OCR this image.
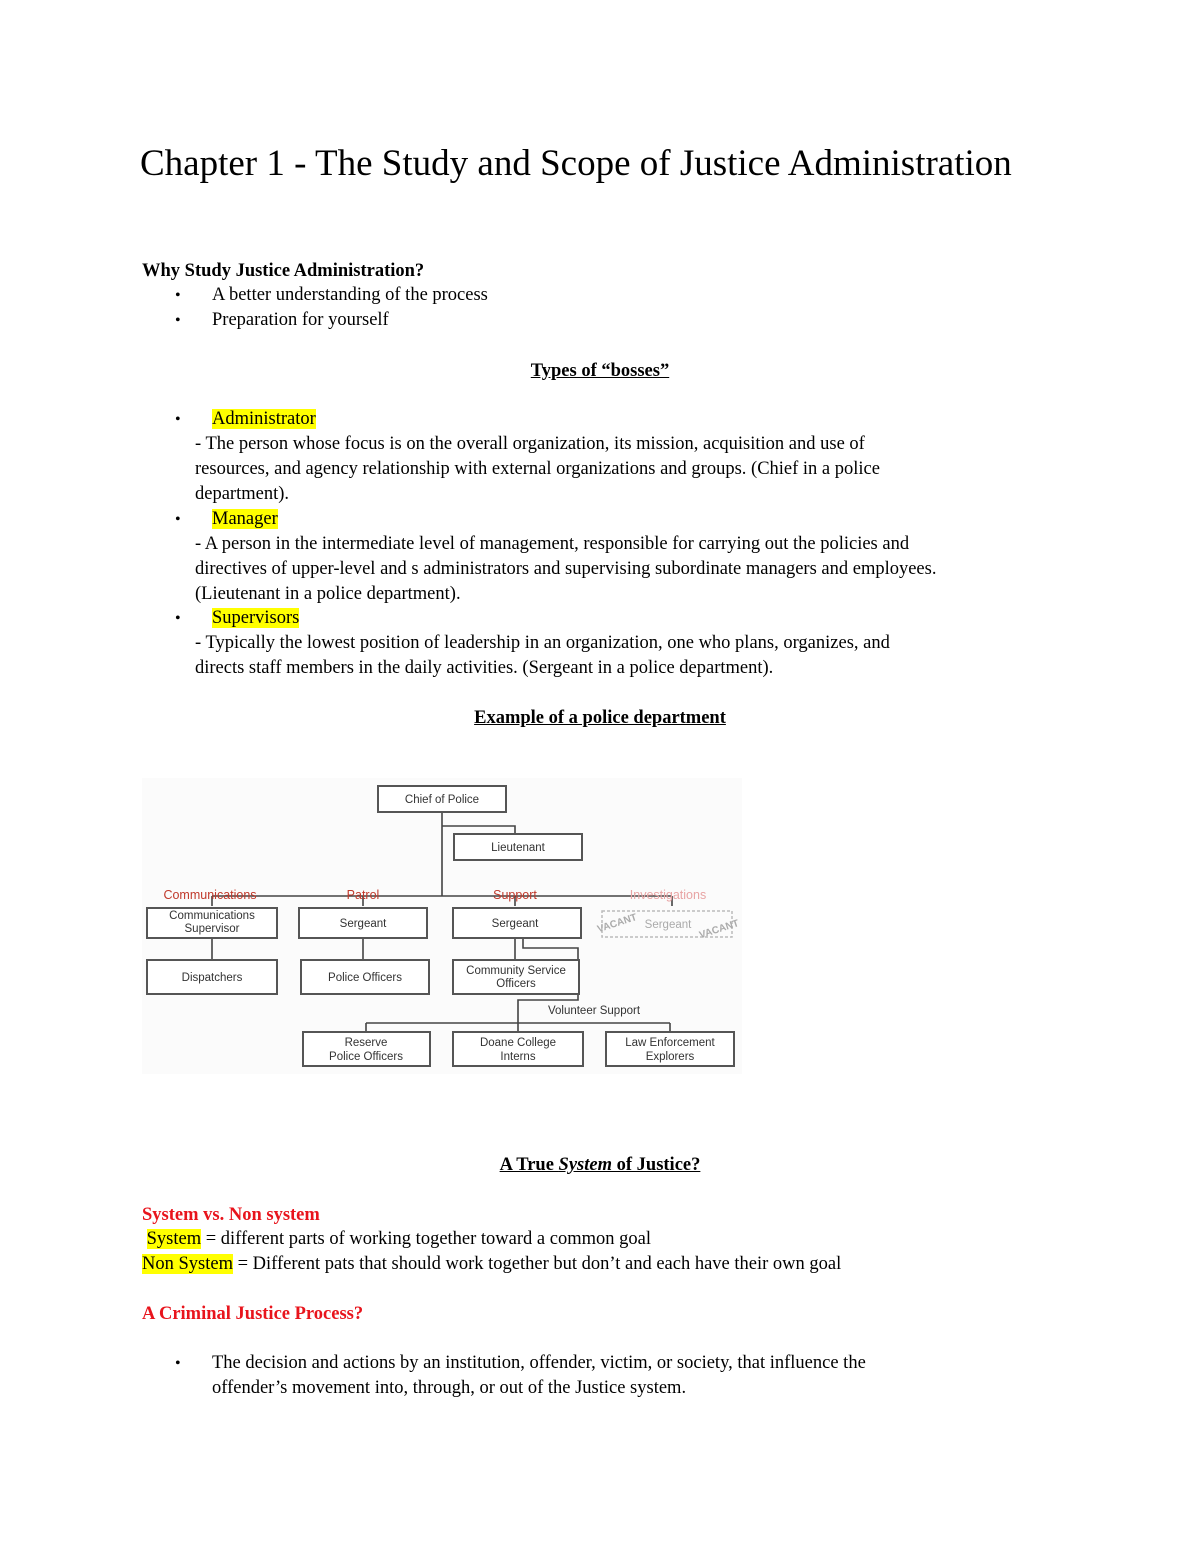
Chapter 1 - The Study and Scope of Justice Administration
Why Study Justice Administration?
•
A better understanding of the process
•
Preparation for yourself
Types of “bosses”
•
Administrator
- The person whose focus is on the overall organization, its mission, acquisition and use of
resources, and agency relationship with external organizations and groups. (Chief in a police
department).
•
Manager
- A person in the intermediate level of management, responsible for carrying out the policies and
directives of upper-level and s administrators and supervising subordinate managers and employees.
(Lieutenant in a police department).
•
Supervisors
- Typically the lowest position of leadership in an organization, one who plans, organizes, and
directs staff members in the daily activities. (Sergeant in a police department).
Example of a police department
Chief of Police
Lieutenant
Communications	Patrol	Support	Investigations
Communications
Supervisor	Sergeant	Sergeant	Sergeant
VACANT	VACANT
Dispatchers	Police Officers
Community Service
Officers
Volunteer Support
Reserve
Police Officers
Doane College
Interns
Law Enforcement
Explorers
A True System of Justice?
System vs. Non system
System = different parts of working together toward a common goal
Non System = Different pats that should work together but don’t and each have their own goal
A Criminal Justice Process?
•
The decision and actions by an institution, offender, victim, or society, that influence the
offender’s movement into, through, or out of the Justice system.
